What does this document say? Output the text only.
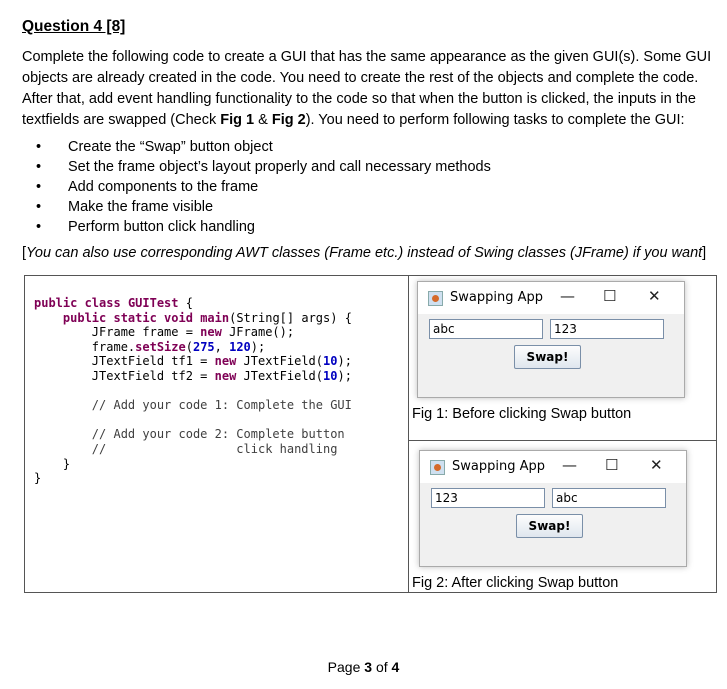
Question 4 [8]
Complete the following code to create a GUI that has the same appearance as the given GUI(s). Some GUI objects are already created in the code. You need to create the rest of the objects and complete the code. After that, add event handling functionality to the code so that when the button is clicked, the inputs in the textfields are swapped (Check Fig 1 & Fig 2). You need to perform following tasks to complete the GUI:
• Create the “Swap” button object
• Set the frame object’s layout properly and call necessary methods
• Add components to the frame
• Make the frame visible
• Perform button click handling
[You can also use corresponding AWT classes (Frame etc.) instead of Swing classes (JFrame) if you want]
public class GUITest {
public static void main(String[] args) {
JFrame frame = new JFrame();
frame.setSize(275, 120);
JTextField tf1 = new JTextField(10);
JTextField tf2 = new JTextField(10);

// Add your code 1: Complete the GUI

// Add your code 2: Complete button
//                  click handling
}
}
Swapping App — ☐ ✕
abc	123
Swap!
Fig 1: Before clicking Swap button
Swapping App — ☐ ✕
123	abc
Swap!
Fig 2: After clicking Swap button
Page 3 of 4
